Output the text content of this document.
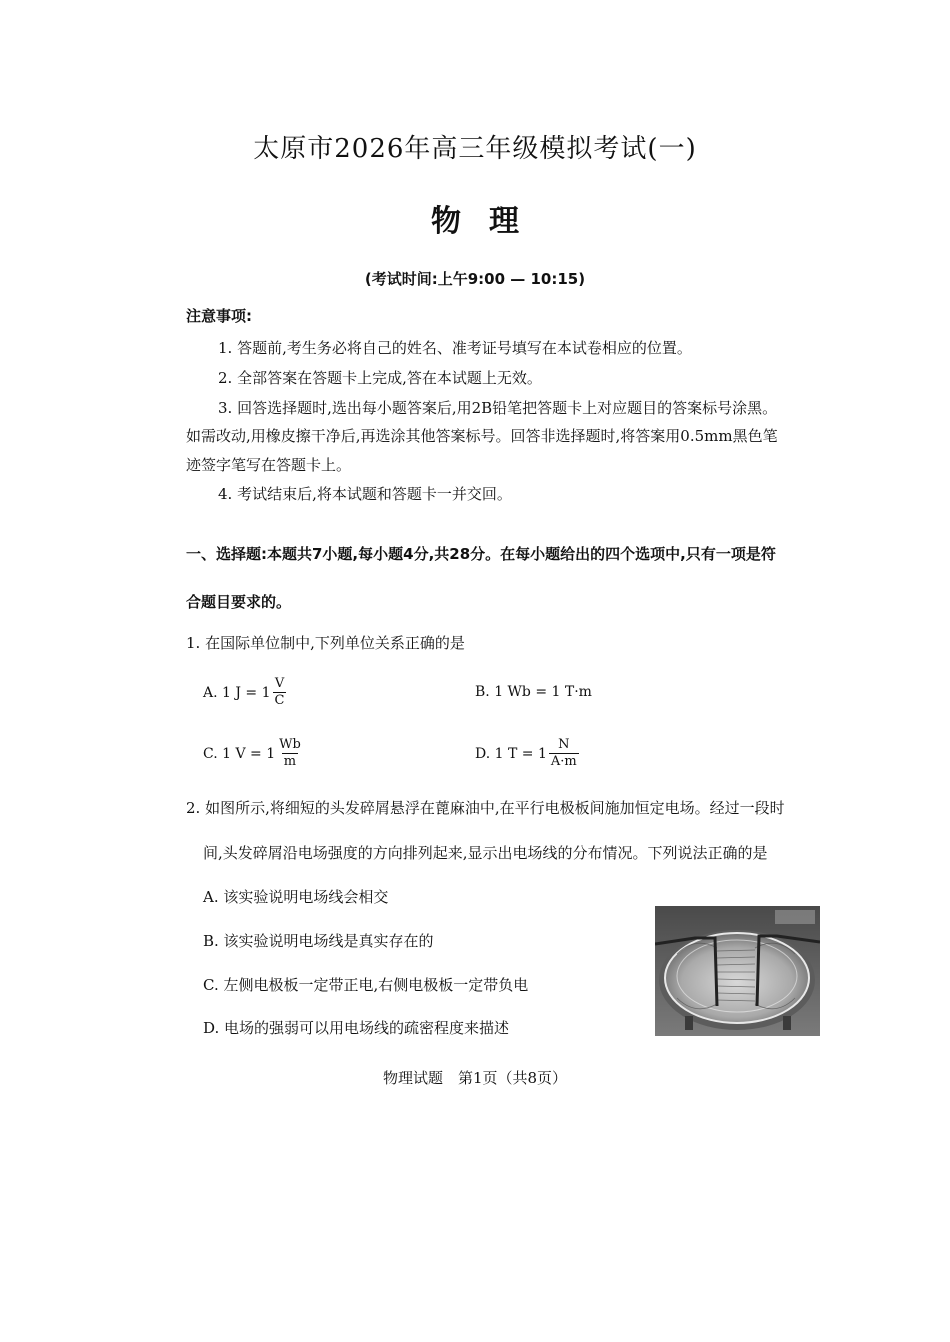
太原市2026年高三年级模拟考试(一)
物理
(考试时间:上午9:00 — 10:15)
注意事项:
1. 答题前,考生务必将自己的姓名、准考证号填写在本试卷相应的位置。
2. 全部答案在答题卡上完成,答在本试题上无效。
3. 回答选择题时,选出每小题答案后,用2B铅笔把答题卡上对应题目的答案标号涂黑。
如需改动,用橡皮擦干净后,再选涂其他答案标号。回答非选择题时,将答案用0.5mm黑色笔
迹签字笔写在答题卡上。
4. 考试结束后,将本试题和答题卡一并交回。
一、选择题:本题共7小题,每小题4分,共28分。在每小题给出的四个选项中,只有一项是符
合题目要求的。
1. 在国际单位制中,下列单位关系正确的是
A. 1 $J = 1 \frac{V}{C}$	B. 1 Wb = 1 T·m
C. 1 $V = 1 \frac{Wb}{m}$	D. 1 $T = 1 \frac{N}{A\cdot m}$
2. 如图所示,将细短的头发碎屑悬浮在蓖麻油中,在平行电极板间施加恒定电场。经过一段时
间,头发碎屑沿电场强度的方向排列起来,显示出电场线的分布情况。下列说法正确的是
A. 该实验说明电场线会相交
B. 该实验说明电场线是真实存在的
C. 左侧电极板一定带正电,右侧电极板一定带负电
D. 电场的强弱可以用电场线的疏密程度来描述
物理试题　第1页（共8页）
